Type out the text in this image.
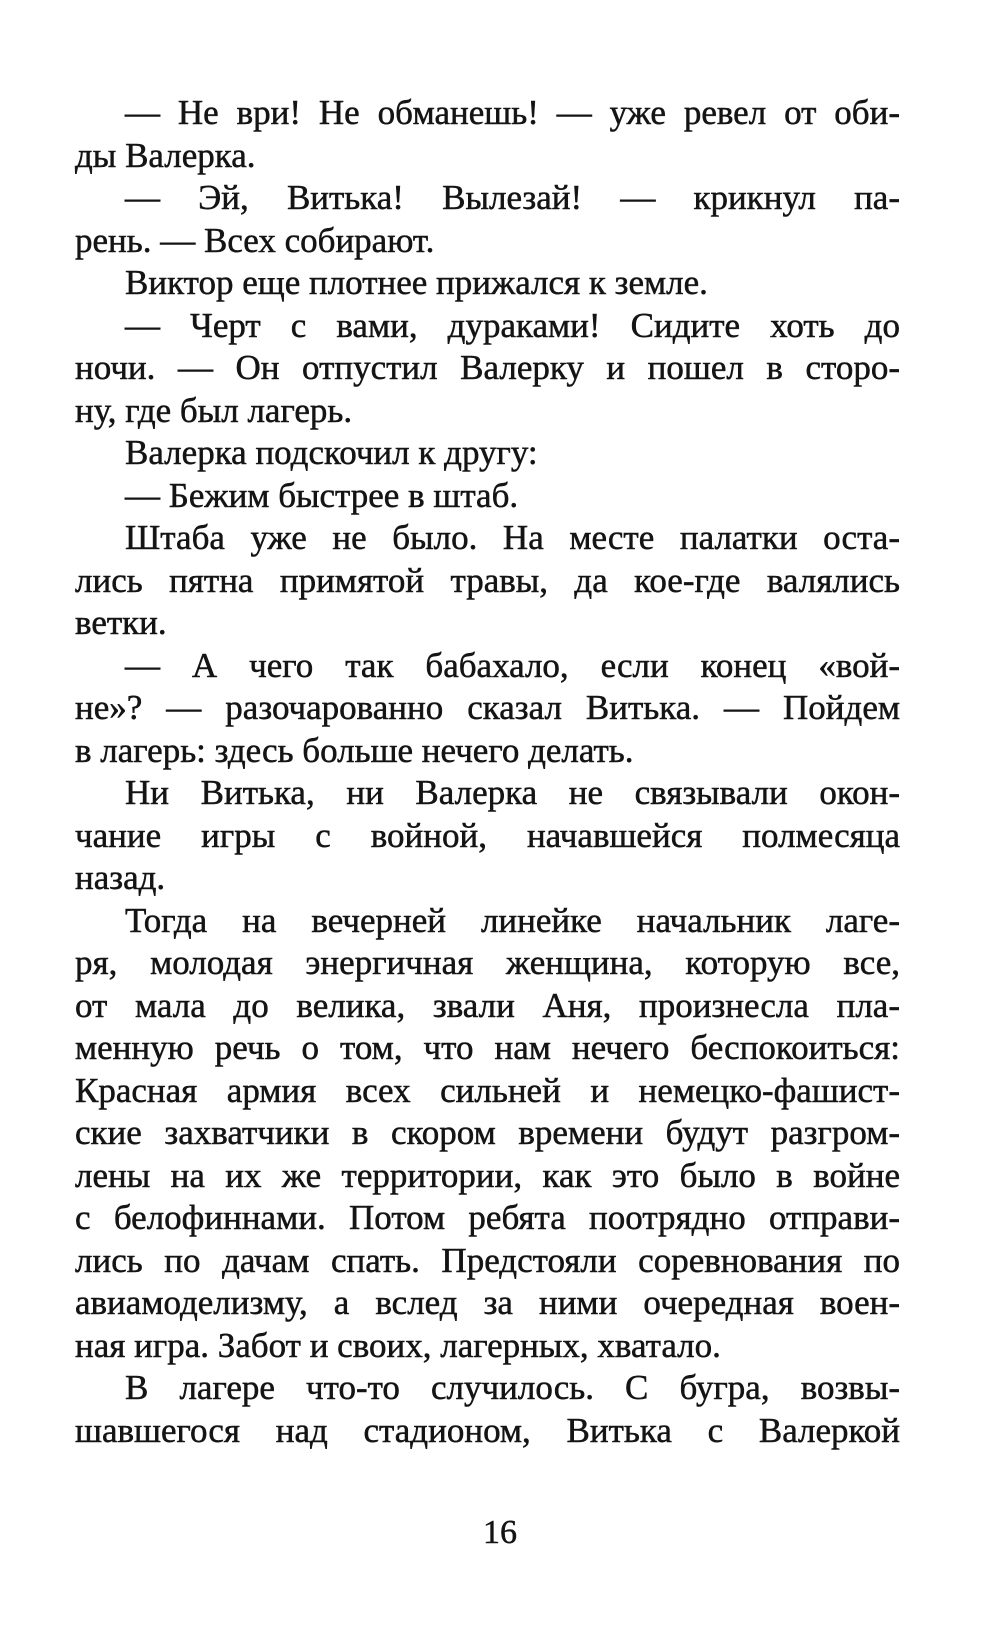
— Не ври! Не обманешь! — уже ревел от оби-
ды Валерка.
— Эй, Витька! Вылезай! — крикнул па-
рень. — Всех собирают.
Виктор еще плотнее прижался к земле.
— Черт с вами, дураками! Сидите хоть до
ночи. — Он отпустил Валерку и пошел в сторо-
ну, где был лагерь.
Валерка подскочил к другу:
— Бежим быстрее в штаб.
Штаба уже не было. На месте палатки оста-
лись пятна примятой травы, да кое-где валялись
ветки.
— А чего так бабахало, если конец «вой-
не»? — разочарованно сказал Витька. — Пойдем
в лагерь: здесь больше нечего делать.
Ни Витька, ни Валерка не связывали окон-
чание игры с войной, начавшейся полмесяца
назад.
Тогда на вечерней линейке начальник лаге-
ря, молодая энергичная женщина, которую все,
от мала до велика, звали Аня, произнесла пла-
менную речь о том, что нам нечего беспокоиться:
Красная армия всех сильней и немецко-фашист-
ские захватчики в скором времени будут разгром-
лены на их же территории, как это было в войне
с белофиннами. Потом ребята поотрядно отправи-
лись по дачам спать. Предстояли соревнования по
авиамоделизму, а вслед за ними очередная воен-
ная игра. Забот и своих, лагерных, хватало.
В лагере что-то случилось. С бугра, возвы-
шавшегося над стадионом, Витька с Валеркой
16
